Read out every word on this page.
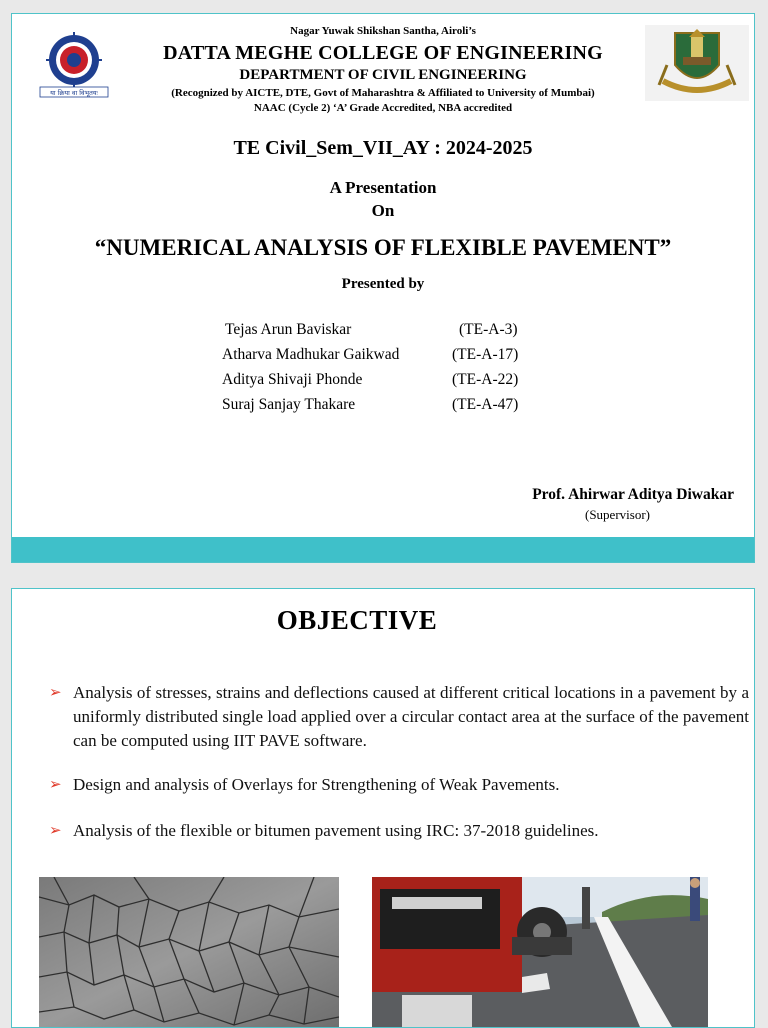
या क्रिया वा विभूतयः
Nagar Yuwak Shikshan Santha, Airoli’s
DATTA MEGHE COLLEGE OF ENGINEERING
DEPARTMENT OF CIVIL ENGINEERING
(Recognized by AICTE, DTE, Govt of Maharashtra & Affiliated to University of Mumbai)
NAAC (Cycle 2) ‘A’ Grade Accredited, NBA accredited
TE Civil_Sem_VII_AY : 2024-2025
A Presentation
On
“NUMERICAL ANALYSIS OF FLEXIBLE PAVEMENT”
Presented by
Tejas Arun Baviskar	(TE-A-3)
Atharva Madhukar Gaikwad	(TE-A-17)
Aditya Shivaji Phonde	(TE-A-22)
Suraj Sanjay Thakare	(TE-A-47)
Prof. Ahirwar Aditya Diwakar
(Supervisor)
OBJECTIVE
➢ Analysis of stresses, strains and deflections caused at different critical locations in a pavement by a uniformly distributed single load applied over a circular contact area at the surface of the pavement can be computed using IIT PAVE software.
➢ Design and analysis of Overlays for Strengthening of Weak Pavements.
➢ Analysis of the flexible or bitumen pavement using IRC: 37-2018 guidelines.
